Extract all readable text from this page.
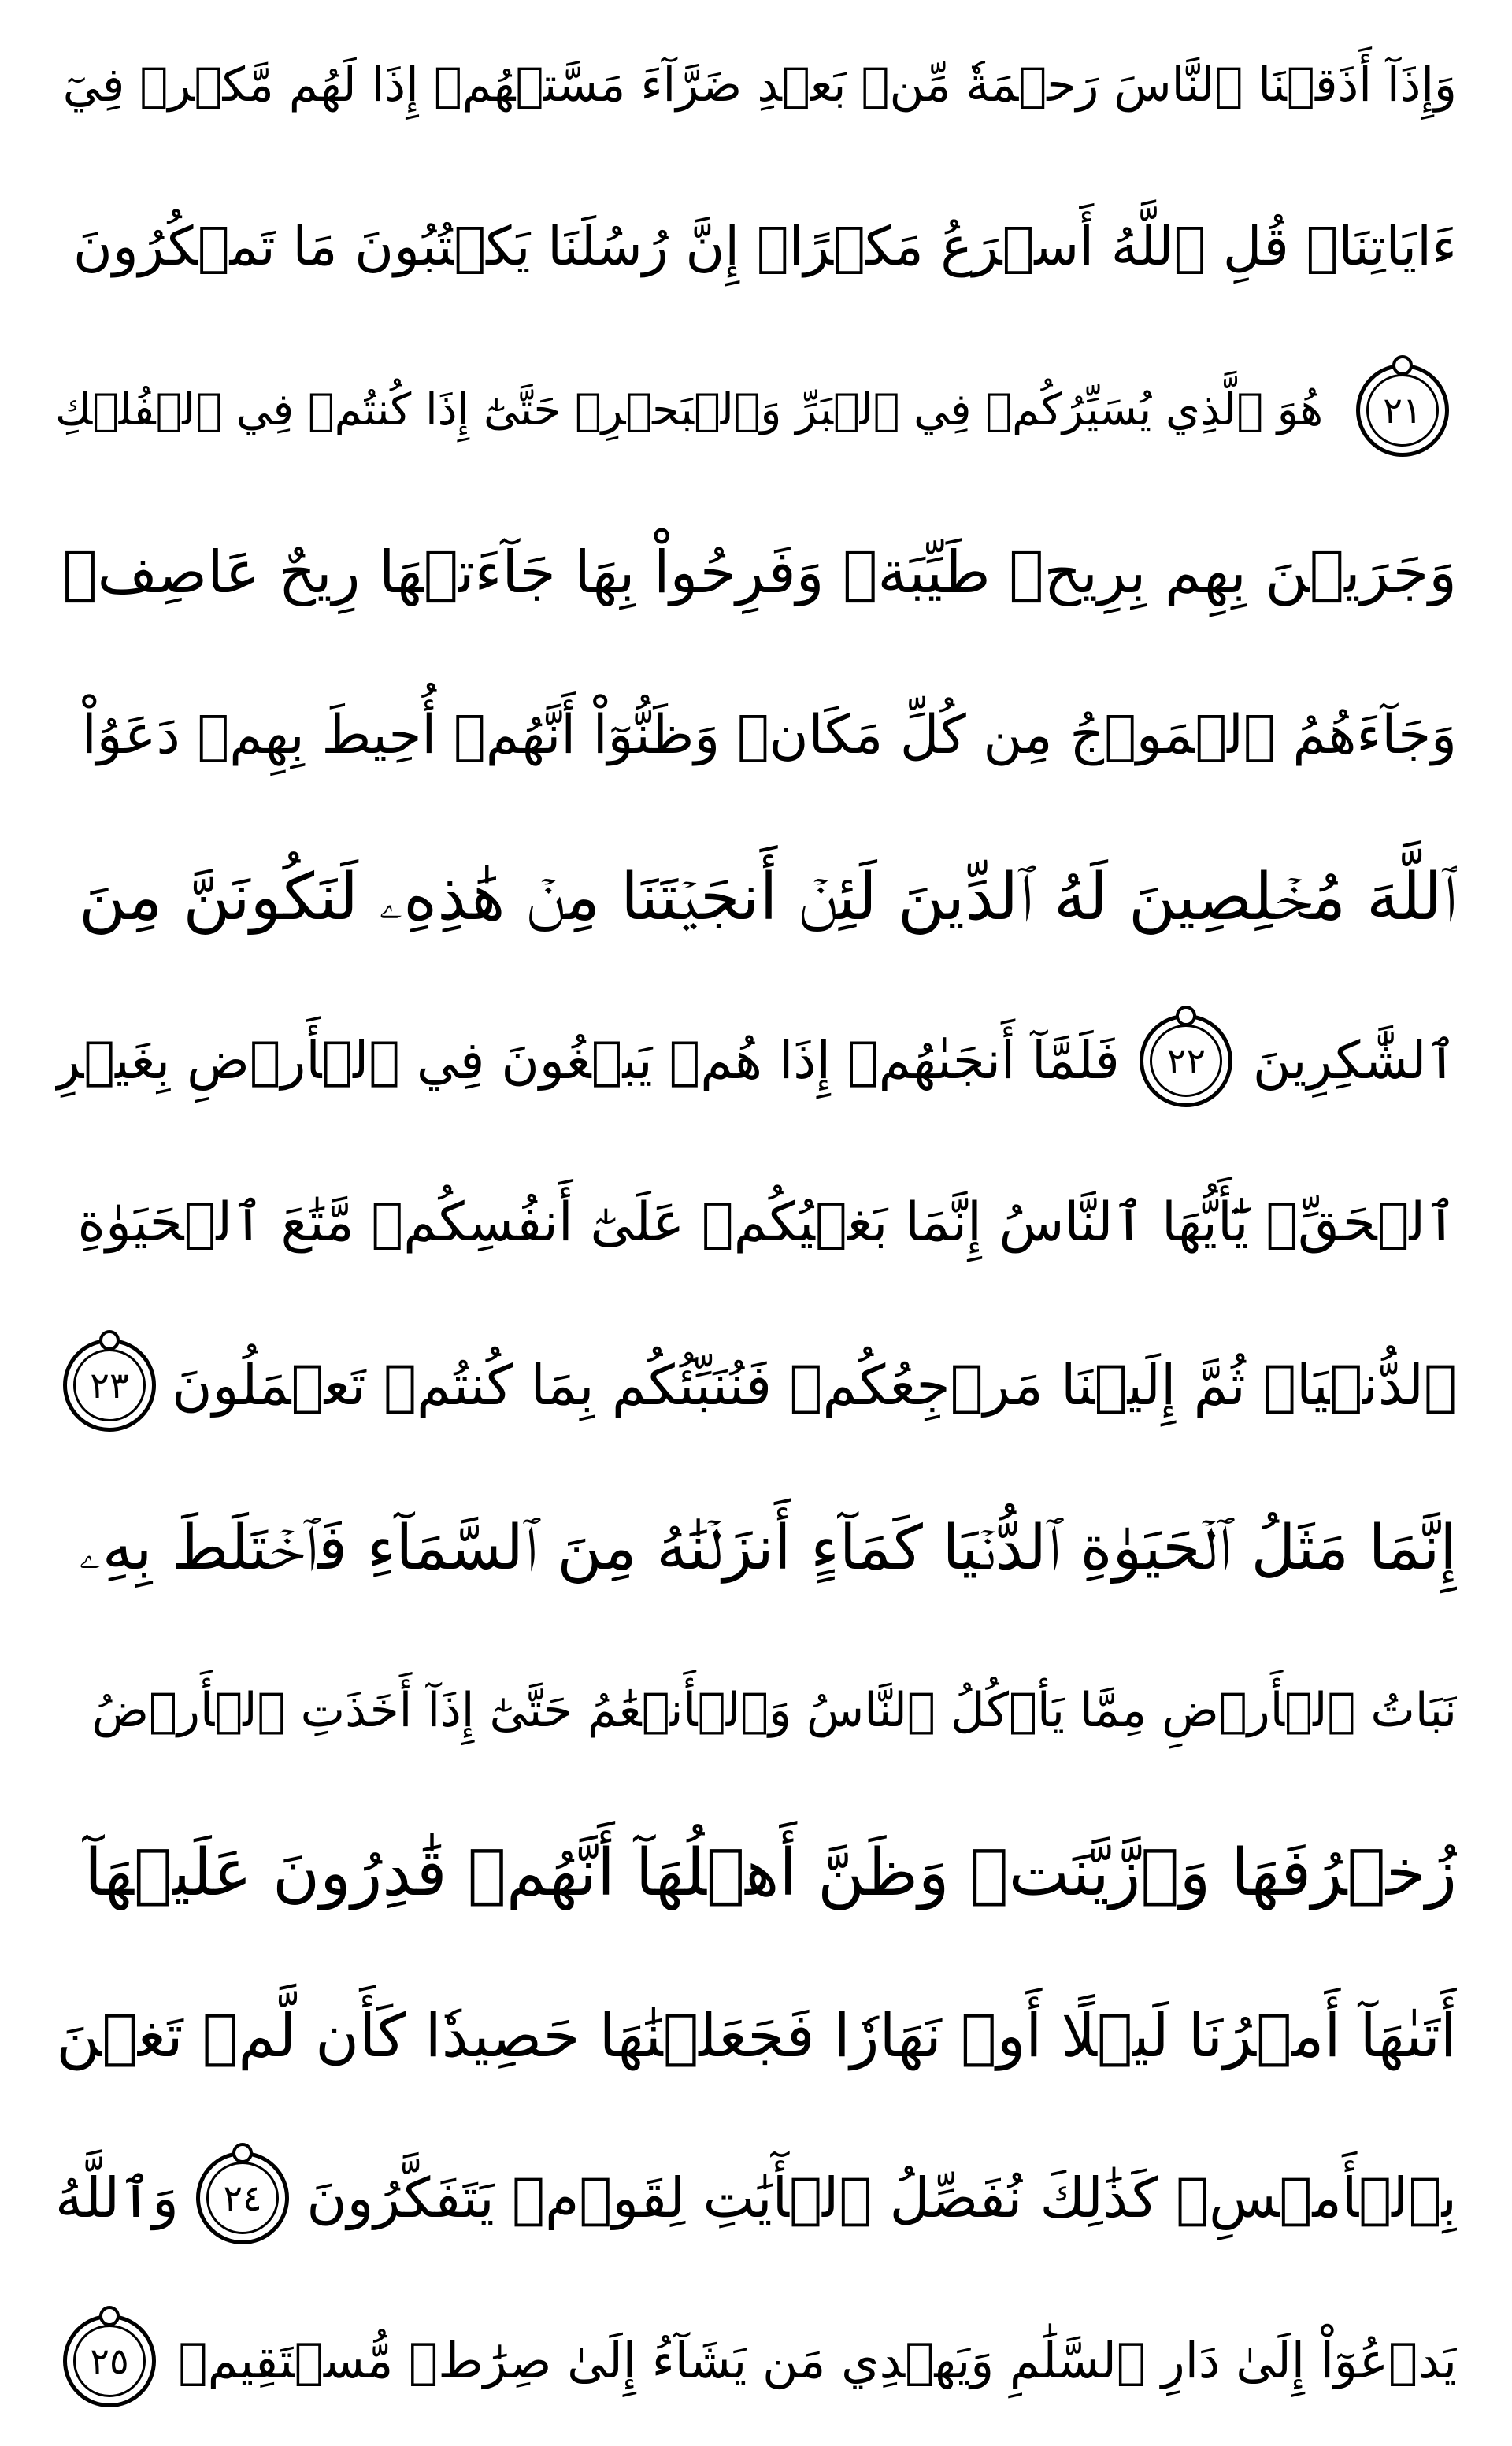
وَإِذَآ أَذَقۡنَا ٱلنَّاسَ رَحۡمَةٗ مِّنۢ بَعۡدِ ضَرَّآءَ مَسَّتۡهُمۡ إِذَا لَهُم مَّكۡرٞ فِيٓ
ءَايَاتِنَاۚ قُلِ ٱللَّهُ أَسۡرَعُ مَكۡرًاۚ إِنَّ رُسُلَنَا يَكۡتُبُونَ مَا تَمۡكُرُونَ
٢١
هُوَ ٱلَّذِي يُسَيِّرُكُمۡ فِي ٱلۡبَرِّ وَٱلۡبَحۡرِۖ حَتَّىٰٓ إِذَا كُنتُمۡ فِي ٱلۡفُلۡكِ
وَجَرَيۡنَ بِهِم بِرِيحٖ طَيِّبَةٖ وَفَرِحُواْ بِهَا جَآءَتۡهَا رِيحٌ عَاصِفٞ
وَجَآءَهُمُ ٱلۡمَوۡجُ مِن كُلِّ مَكَانٖ وَظَنُّوٓاْ أَنَّهُمۡ أُحِيطَ بِهِمۡ دَعَوُاْ
ٱللَّهَ مُخۡلِصِينَ لَهُ ٱلدِّينَ لَئِنۡ أَنجَيۡتَنَا مِنۡ هَٰذِهِۦ لَنَكُونَنَّ مِنَ
ٱلشَّٰكِرِينَ
٢٢
فَلَمَّآ أَنجَىٰهُمۡ إِذَا هُمۡ يَبۡغُونَ فِي ٱلۡأَرۡضِ بِغَيۡرِ
ٱلۡحَقِّۗ يَٰٓأَيُّهَا ٱلنَّاسُ إِنَّمَا بَغۡيُكُمۡ عَلَىٰٓ أَنفُسِكُمۖ مَّتَٰعَ ٱلۡحَيَوٰةِ
ٱلدُّنۡيَاۖ ثُمَّ إِلَيۡنَا مَرۡجِعُكُمۡ فَنُنَبِّئُكُم بِمَا كُنتُمۡ تَعۡمَلُونَ
٢٣
إِنَّمَا مَثَلُ ٱلۡحَيَوٰةِ ٱلدُّنۡيَا كَمَآءٍ أَنزَلۡنَٰهُ مِنَ ٱلسَّمَآءِ فَٱخۡتَلَطَ بِهِۦ
نَبَاتُ ٱلۡأَرۡضِ مِمَّا يَأۡكُلُ ٱلنَّاسُ وَٱلۡأَنۡعَٰمُ حَتَّىٰٓ إِذَآ أَخَذَتِ ٱلۡأَرۡضُ
زُخۡرُفَهَا وَٱزَّيَّنَتۡ وَظَنَّ أَهۡلُهَآ أَنَّهُمۡ قَٰدِرُونَ عَلَيۡهَآ
أَتَىٰهَآ أَمۡرُنَا لَيۡلًا أَوۡ نَهَارٗا فَجَعَلۡنَٰهَا حَصِيدٗا كَأَن لَّمۡ تَغۡنَ
بِٱلۡأَمۡسِۚ كَذَٰلِكَ نُفَصِّلُ ٱلۡأٓيَٰتِ لِقَوۡمٖ يَتَفَكَّرُونَ
٢٤
وَٱللَّهُ
يَدۡعُوٓاْ إِلَىٰ دَارِ ٱلسَّلَٰمِ وَيَهۡدِي مَن يَشَآءُ إِلَىٰ صِرَٰطٖ مُّسۡتَقِيمٖ
٢٥
